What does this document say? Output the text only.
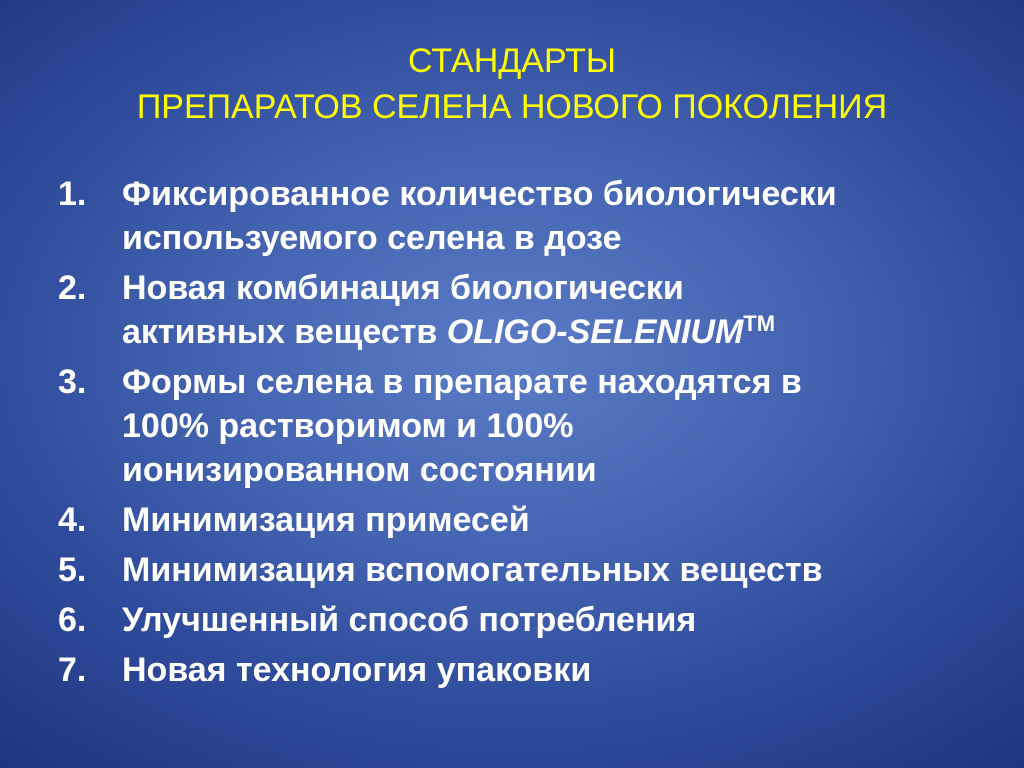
СТАНДАРТЫ
ПРЕПАРАТОВ СЕЛЕНА НОВОГО ПОКОЛЕНИЯ
1.	Фиксированное количество биологически
используемого селена в дозе
2.	Новая комбинация биологически
активных веществ OLIGO-SELENIUM™
3.	Формы селена в препарате находятся в
100% растворимом и 100%
ионизированном состоянии
4.	Минимизация примесей
5.	Минимизация вспомогательных веществ
6.	Улучшенный способ потребления
7.	Новая технология упаковки
